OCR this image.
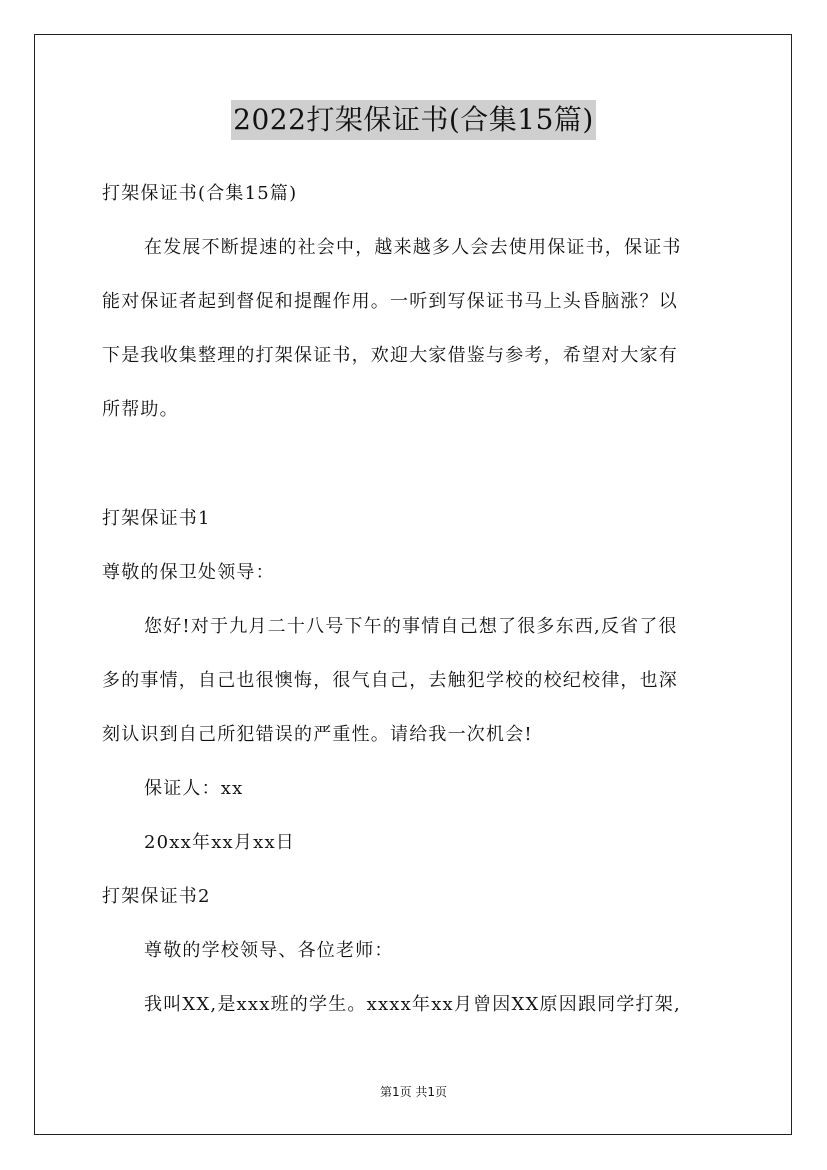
2022打架保证书(合集15篇)
打架保证书(合集15篇)
在发展不断提速的社会中，越来越多人会去使用保证书，保证书
能对保证者起到督促和提醒作用。一听到写保证书马上头昏脑涨？以
下是我收集整理的打架保证书，欢迎大家借鉴与参考，希望对大家有
所帮助。
打架保证书1
尊敬的保卫处领导：
您好!对于九月二十八号下午的事情自己想了很多东西,反省了很
多的事情，自己也很懊悔，很气自己，去触犯学校的校纪校律，也深
刻认识到自己所犯错误的严重性。请给我一次机会!
保证人：xx
20xx年xx月xx日
打架保证书2
尊敬的学校领导、各位老师：
我叫XX,是xxx班的学生。xxxx年xx月曾因XX原因跟同学打架,
第1页 共1页
